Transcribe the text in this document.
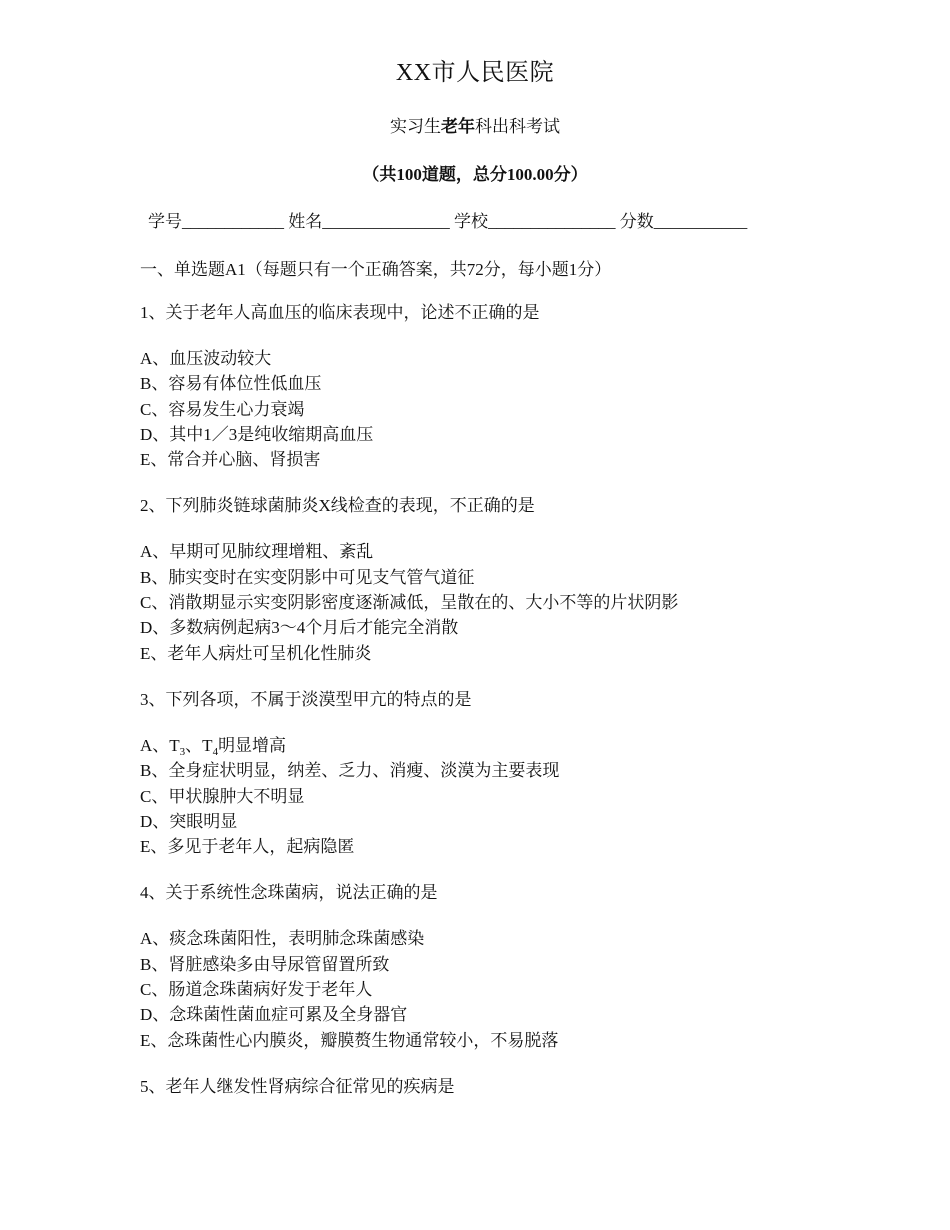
XX市人民医院
实习生老年科出科考试
（共100道题，总分100.00分）
学号____________ 姓名_______________ 学校_______________ 分数___________
一、单选题A1（每题只有一个正确答案，共72分，每小题1分）
1、关于老年人高血压的临床表现中，论述不正确的是
A、血压波动较大
B、容易有体位性低血压
C、容易发生心力衰竭
D、其中1／3是纯收缩期高血压
E、常合并心脑、肾损害
2、下列肺炎链球菌肺炎X线检查的表现，不正确的是
A、早期可见肺纹理增粗、紊乱
B、肺实变时在实变阴影中可见支气管气道征
C、消散期显示实变阴影密度逐渐减低，呈散在的、大小不等的片状阴影
D、多数病例起病3～4个月后才能完全消散
E、老年人病灶可呈机化性肺炎
3、下列各项，不属于淡漠型甲亢的特点的是
A、$T_3$、$T_4$明显增高
B、全身症状明显，纳差、乏力、消瘦、淡漠为主要表现
C、甲状腺肿大不明显
D、突眼明显
E、多见于老年人，起病隐匿
4、关于系统性念珠菌病，说法正确的是
A、痰念珠菌阳性，表明肺念珠菌感染
B、肾脏感染多由导尿管留置所致
C、肠道念珠菌病好发于老年人
D、念珠菌性菌血症可累及全身器官
E、念珠菌性心内膜炎，瓣膜赘生物通常较小，不易脱落
5、老年人继发性肾病综合征常见的疾病是
